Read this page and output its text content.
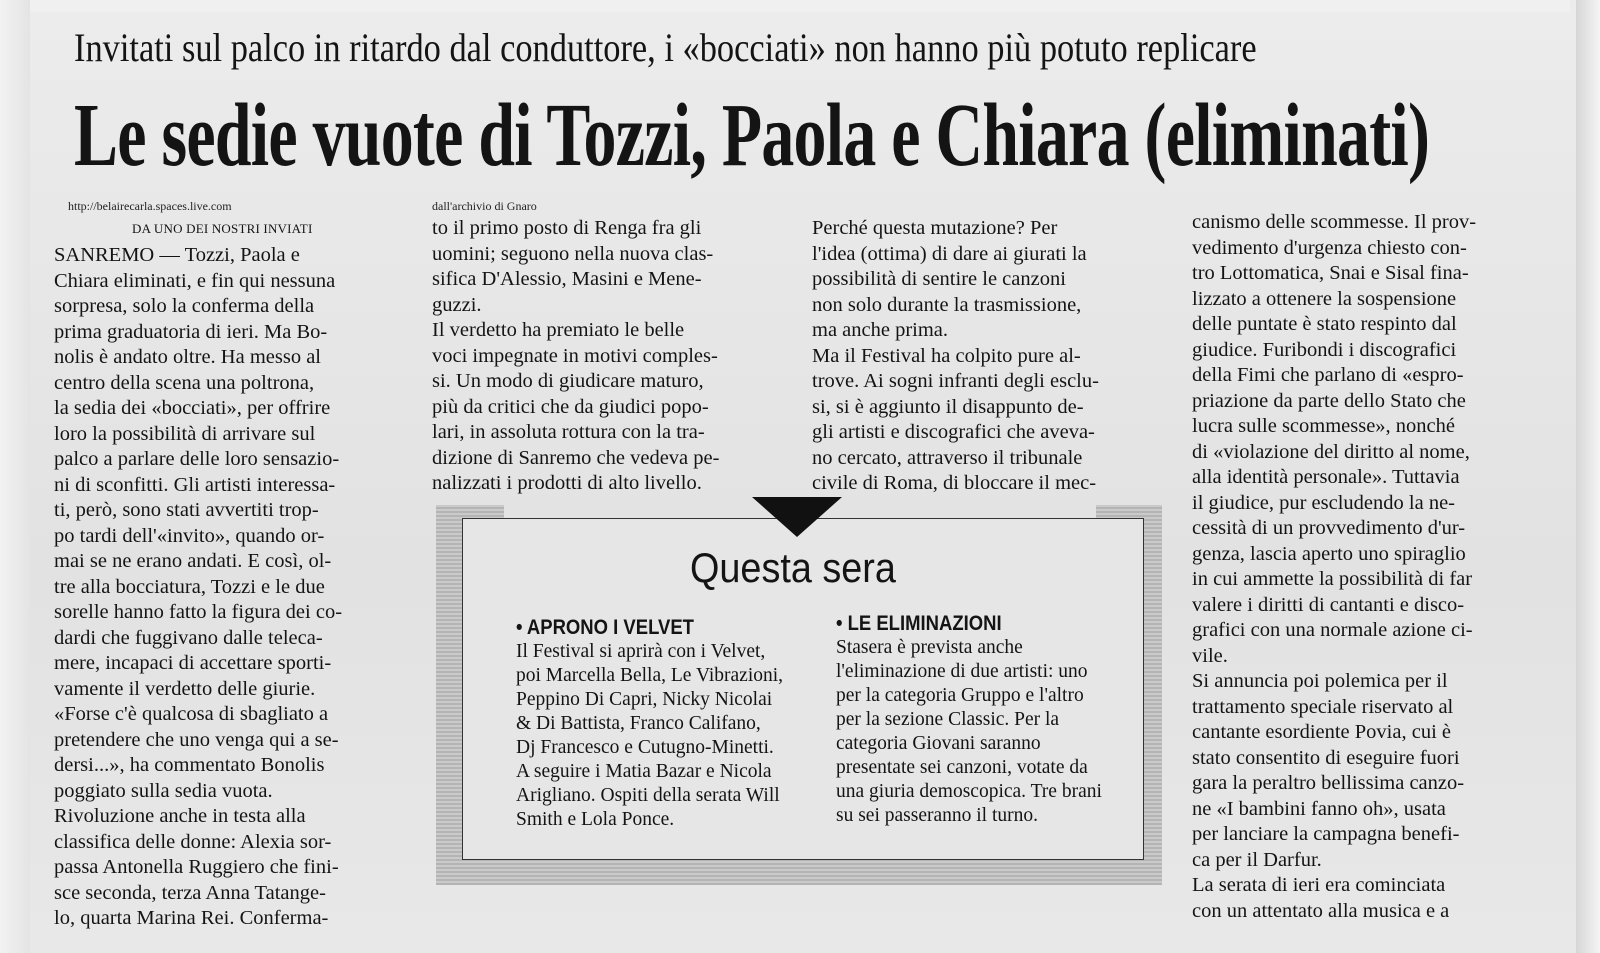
Invitati sul palco in ritardo dal conduttore, i «bocciati» non hanno più potuto replicare
Le sedie vuote di Tozzi, Paola e Chiara (eliminati)
http://belairecarla.spaces.live.com	dall'archivio di Gnaro
DA UNO DEI NOSTRI INVIATI
SANREMO — Tozzi, Paola e
Chiara eliminati, e fin qui nessuna
sorpresa, solo la conferma della
prima graduatoria di ieri. Ma Bo-
nolis è andato oltre. Ha messo al
centro della scena una poltrona,
la sedia dei «bocciati», per offrire
loro la possibilità di arrivare sul
palco a parlare delle loro sensazio-
ni di sconfitti. Gli artisti interessa-
ti, però, sono stati avvertiti trop-
po tardi dell'«invito», quando or-
mai se ne erano andati. E così, ol-
tre alla bocciatura, Tozzi e le due
sorelle hanno fatto la figura dei co-
dardi che fuggivano dalle teleca-
mere, incapaci di accettare sporti-
vamente il verdetto delle giurie.
«Forse c'è qualcosa di sbagliato a
pretendere che uno venga qui a se-
dersi...», ha commentato Bonolis
poggiato sulla sedia vuota.
Rivoluzione anche in testa alla
classifica delle donne: Alexia sor-
passa Antonella Ruggiero che fini-
sce seconda, terza Anna Tatange-
lo, quarta Marina Rei. Conferma-
to il primo posto di Renga fra gli
uomini; seguono nella nuova clas-
sifica D'Alessio, Masini e Mene-
guzzi.
Il verdetto ha premiato le belle
voci impegnate in motivi comples-
si. Un modo di giudicare maturo,
più da critici che da giudici popo-
lari, in assoluta rottura con la tra-
dizione di Sanremo che vedeva pe-
nalizzati i prodotti di alto livello.
Perché questa mutazione? Per
l'idea (ottima) di dare ai giurati la
possibilità di sentire le canzoni
non solo durante la trasmissione,
ma anche prima.
Ma il Festival ha colpito pure al-
trove. Ai sogni infranti degli esclu-
si, si è aggiunto il disappunto de-
gli artisti e discografici che aveva-
no cercato, attraverso il tribunale
civile di Roma, di bloccare il mec-
canismo delle scommesse. Il prov-
vedimento d'urgenza chiesto con-
tro Lottomatica, Snai e Sisal fina-
lizzato a ottenere la sospensione
delle puntate è stato respinto dal
giudice. Furibondi i discografici
della Fimi che parlano di «espro-
priazione da parte dello Stato che
lucra sulle scommesse», nonché
di «violazione del diritto al nome,
alla identità personale». Tuttavia
il giudice, pur escludendo la ne-
cessità di un provvedimento d'ur-
genza, lascia aperto uno spiraglio
in cui ammette la possibilità di far
valere i diritti di cantanti e disco-
grafici con una normale azione ci-
vile.
Si annuncia poi polemica per il
trattamento speciale riservato al
cantante esordiente Povia, cui è
stato consentito di eseguire fuori
gara la peraltro bellissima canzo-
ne «I bambini fanno oh», usata
per lanciare la campagna benefi-
ca per il Darfur.
La serata di ieri era cominciata
con un attentato alla musica e a
Questa sera
• APRONO I VELVET
Il Festival si aprirà con i Velvet,
poi Marcella Bella, Le Vibrazioni,
Peppino Di Capri, Nicky Nicolai
& Di Battista, Franco Califano,
Dj Francesco e Cutugno-Minetti.
A seguire i Matia Bazar e Nicola
Arigliano. Ospiti della serata Will
Smith e Lola Ponce.
• LE ELIMINAZIONI
Stasera è prevista anche
l'eliminazione di due artisti: uno
per la categoria Gruppo e l'altro
per la sezione Classic. Per la
categoria Giovani saranno
presentate sei canzoni, votate da
una giuria demoscopica. Tre brani
su sei passeranno il turno.
